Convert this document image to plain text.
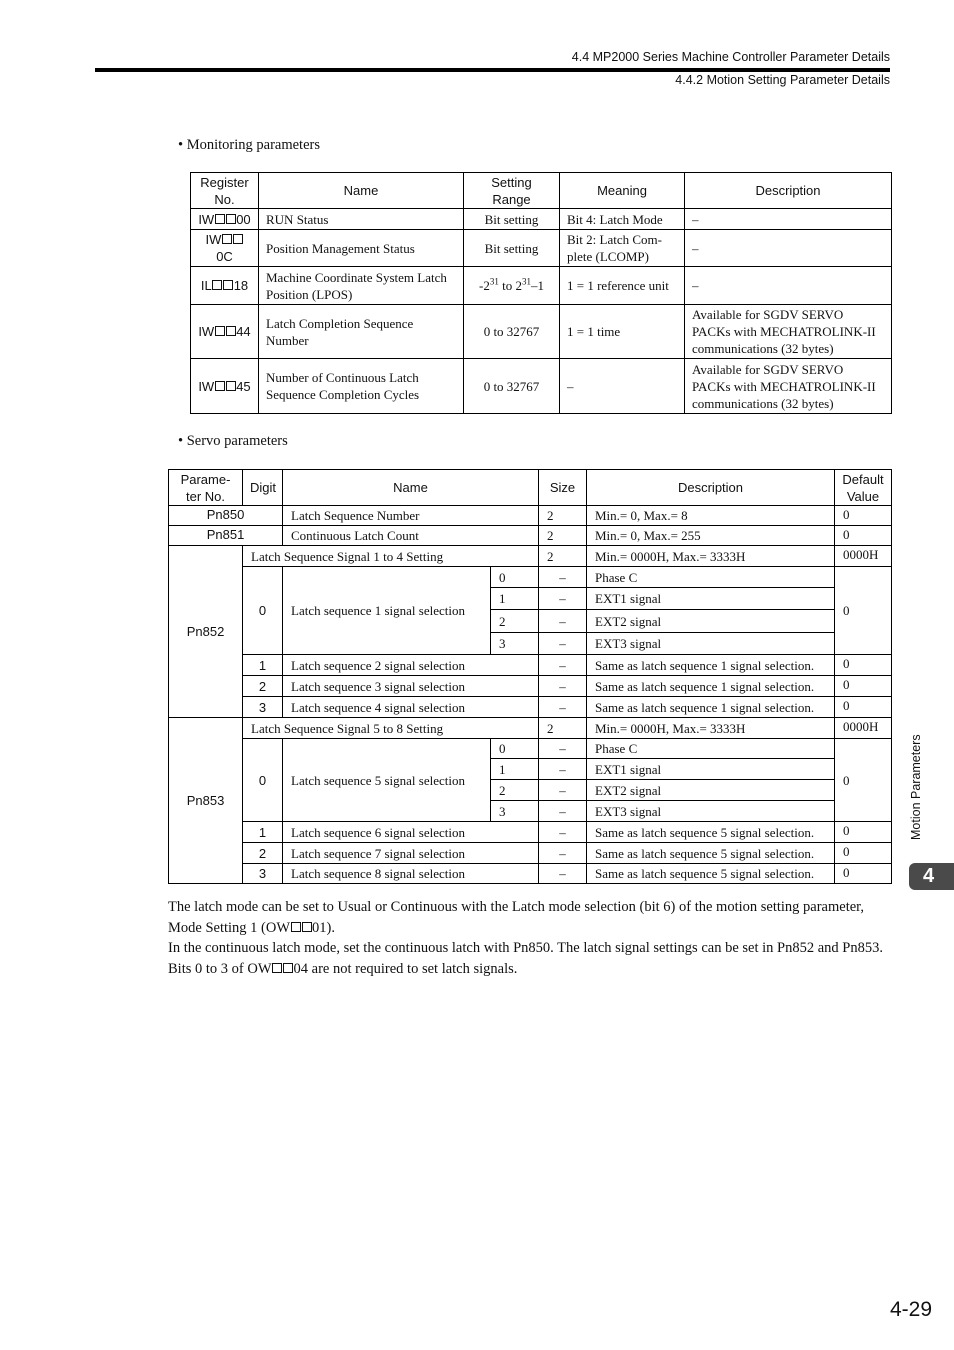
4.4 MP2000 Series Machine Controller Parameter Details
4.4.2 Motion Setting Parameter Details
• Monitoring parameters
Register No.	Name	Setting Range	Meaning	Description
IW 00	RUN Status	Bit setting	Bit 4: Latch Mode	–
IW0C	Position Management Status	Bit setting	Bit 2: Latch Com-plete (LCOMP)	–
IL 18	Machine Coordinate System Latch Position (LPOS)	$-2^{31}$ to $2^{31}-1$	1 = 1 reference unit	–
IW 44	Latch Completion Sequence Number	0 to 32767	1 = 1 time	Available for SGDV SERVO PACKs with MECHATROLINK-II communications (32 bytes)
IW 45	Number of Continuous Latch Sequence Completion Cycles	0 to 32767	–	Available for SGDV SERVO PACKs with MECHATROLINK-II communications (32 bytes)
• Servo parameters
Parame- ter No.	Digit	Name		Size	Description	Default Value
Pn850		Latch Sequence Number		2	Min.= 0, Max.= 8	0
Pn851		Continuous Latch Count		2	Min.= 0, Max.= 255	0
Pn852	Latch Sequence Signal 1 to 4 Setting			2	Min.= 0000H, Max.= 3333H	0000H
	0	Latch sequence 1 signal selection	0	–	Phase C	0
			1	–	EXT1 signal	
			2	–	EXT2 signal	
			3	–	EXT3 signal	
	1	Latch sequence 2 signal selection		–	Same as latch sequence 1 signal selection.	0
	2	Latch sequence 3 signal selection		–	Same as latch sequence 1 signal selection.	0
	3	Latch sequence 4 signal selection		–	Same as latch sequence 1 signal selection.	0
Pn853	Latch Sequence Signal 5 to 8 Setting			2	Min.= 0000H, Max.= 3333H	0000H
	0	Latch sequence 5 signal selection	0	–	Phase C	0
			1	–	EXT1 signal	
			2	–	EXT2 signal	
			3	–	EXT3 signal	
	1	Latch sequence 6 signal selection		–	Same as latch sequence 5 signal selection.	0
	2	Latch sequence 7 signal selection		–	Same as latch sequence 5 signal selection.	0
	3	Latch sequence 8 signal selection		–	Same as latch sequence 5 signal selection.	0
The latch mode can be set to Usual or Continuous with the Latch mode selection (bit 6) of the motion setting parameter, Mode Setting 1 (OW 01).
In the continuous latch mode, set the continuous latch with Pn850. The latch signal settings can be set in Pn852 and Pn853. Bits 0 to 3 of OW 04 are not required to set latch signals.
Motion Parameters
4
4-29
